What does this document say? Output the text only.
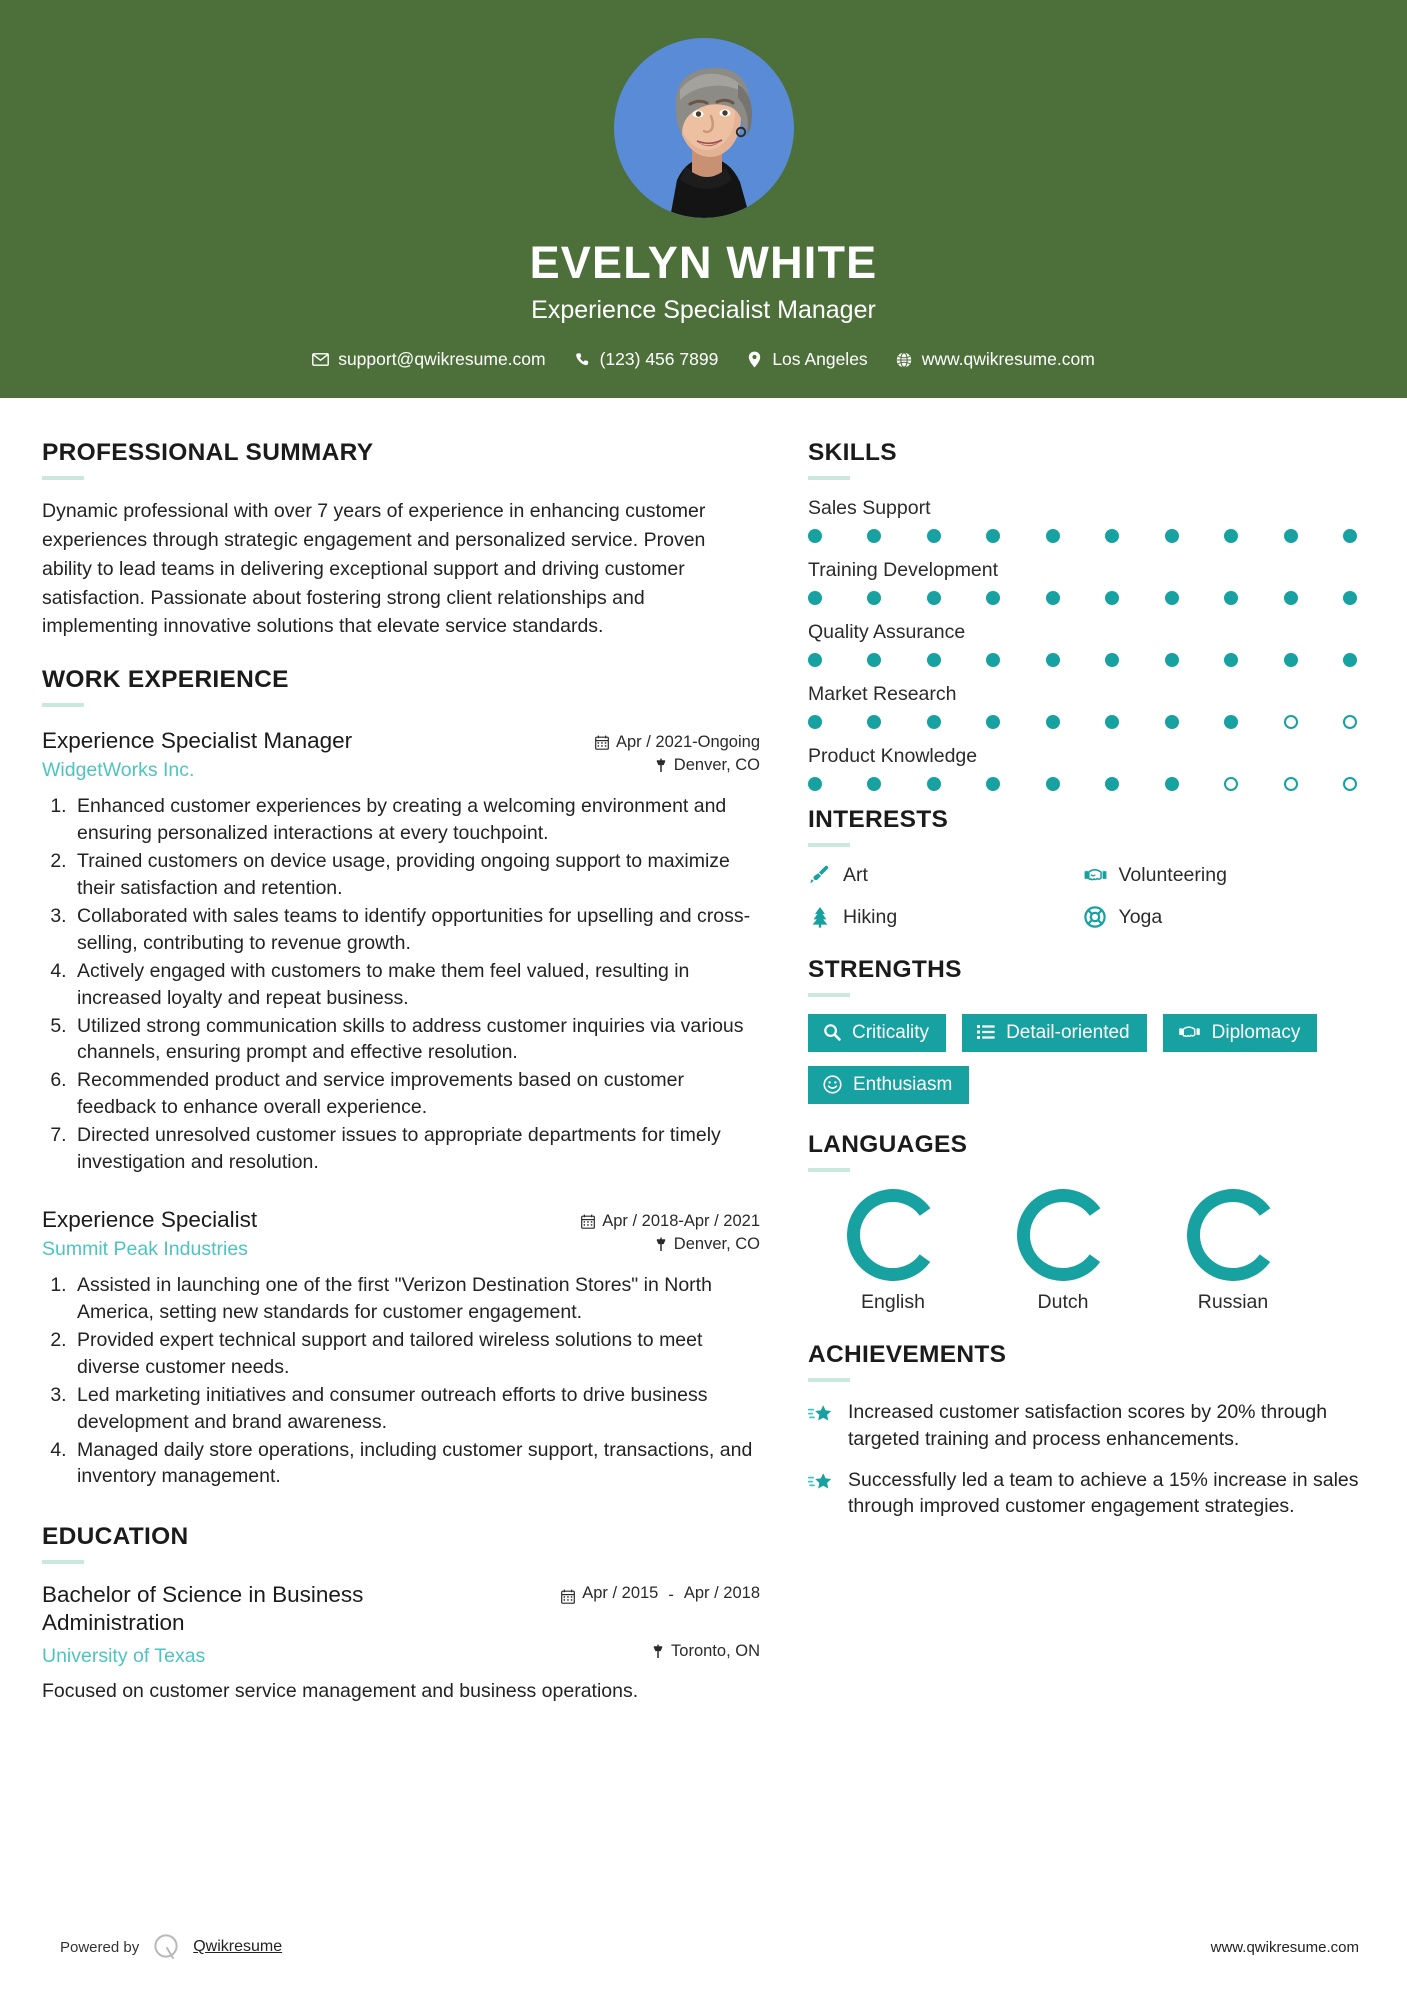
EVELYN WHITE
Experience Specialist Manager
support@qwikresume.com	(123) 456 7899	Los Angeles	www.qwikresume.com
PROFESSIONAL SUMMARY
Dynamic professional with over 7 years of experience in enhancing customer experiences through strategic engagement and personalized service. Proven ability to lead teams in delivering exceptional support and driving customer satisfaction. Passionate about fostering strong client relationships and implementing innovative solutions that elevate service standards.
WORK EXPERIENCE
Experience Specialist Manager	Apr / 2021-Ongoing
WidgetWorks Inc.	Denver, CO
1. Enhanced customer experiences by creating a welcoming environment and ensuring personalized interactions at every touchpoint.
2. Trained customers on device usage, providing ongoing support to maximize their satisfaction and retention.
3. Collaborated with sales teams to identify opportunities for upselling and cross-selling, contributing to revenue growth.
4. Actively engaged with customers to make them feel valued, resulting in increased loyalty and repeat business.
5. Utilized strong communication skills to address customer inquiries via various channels, ensuring prompt and effective resolution.
6. Recommended product and service improvements based on customer feedback to enhance overall experience.
7. Directed unresolved customer issues to appropriate departments for timely investigation and resolution.
Experience Specialist	Apr / 2018-Apr / 2021
Summit Peak Industries	Denver, CO
1. Assisted in launching one of the first "Verizon Destination Stores" in North America, setting new standards for customer engagement.
2. Provided expert technical support and tailored wireless solutions to meet diverse customer needs.
3. Led marketing initiatives and consumer outreach efforts to drive business development and brand awareness.
4. Managed daily store operations, including customer support, transactions, and inventory management.
EDUCATION
Bachelor of Science in Business Administration
Apr / 2015 - Apr / 2018
University of Texas	Toronto, ON
Focused on customer service management and business operations.
SKILLS
Sales Support
Training Development
Quality Assurance
Market Research
Product Knowledge
INTERESTS
Art	Volunteering
Hiking	Yoga
STRENGTHS
Criticality	Detail-oriented	Diplomacy
Enthusiasm
LANGUAGES
English	Dutch	Russian
ACHIEVEMENTS
Increased customer satisfaction scores by 20% through targeted training and process enhancements.
Successfully led a team to achieve a 15% increase in sales through improved customer engagement strategies.
Powered by	Qwikresume	www.qwikresume.com
